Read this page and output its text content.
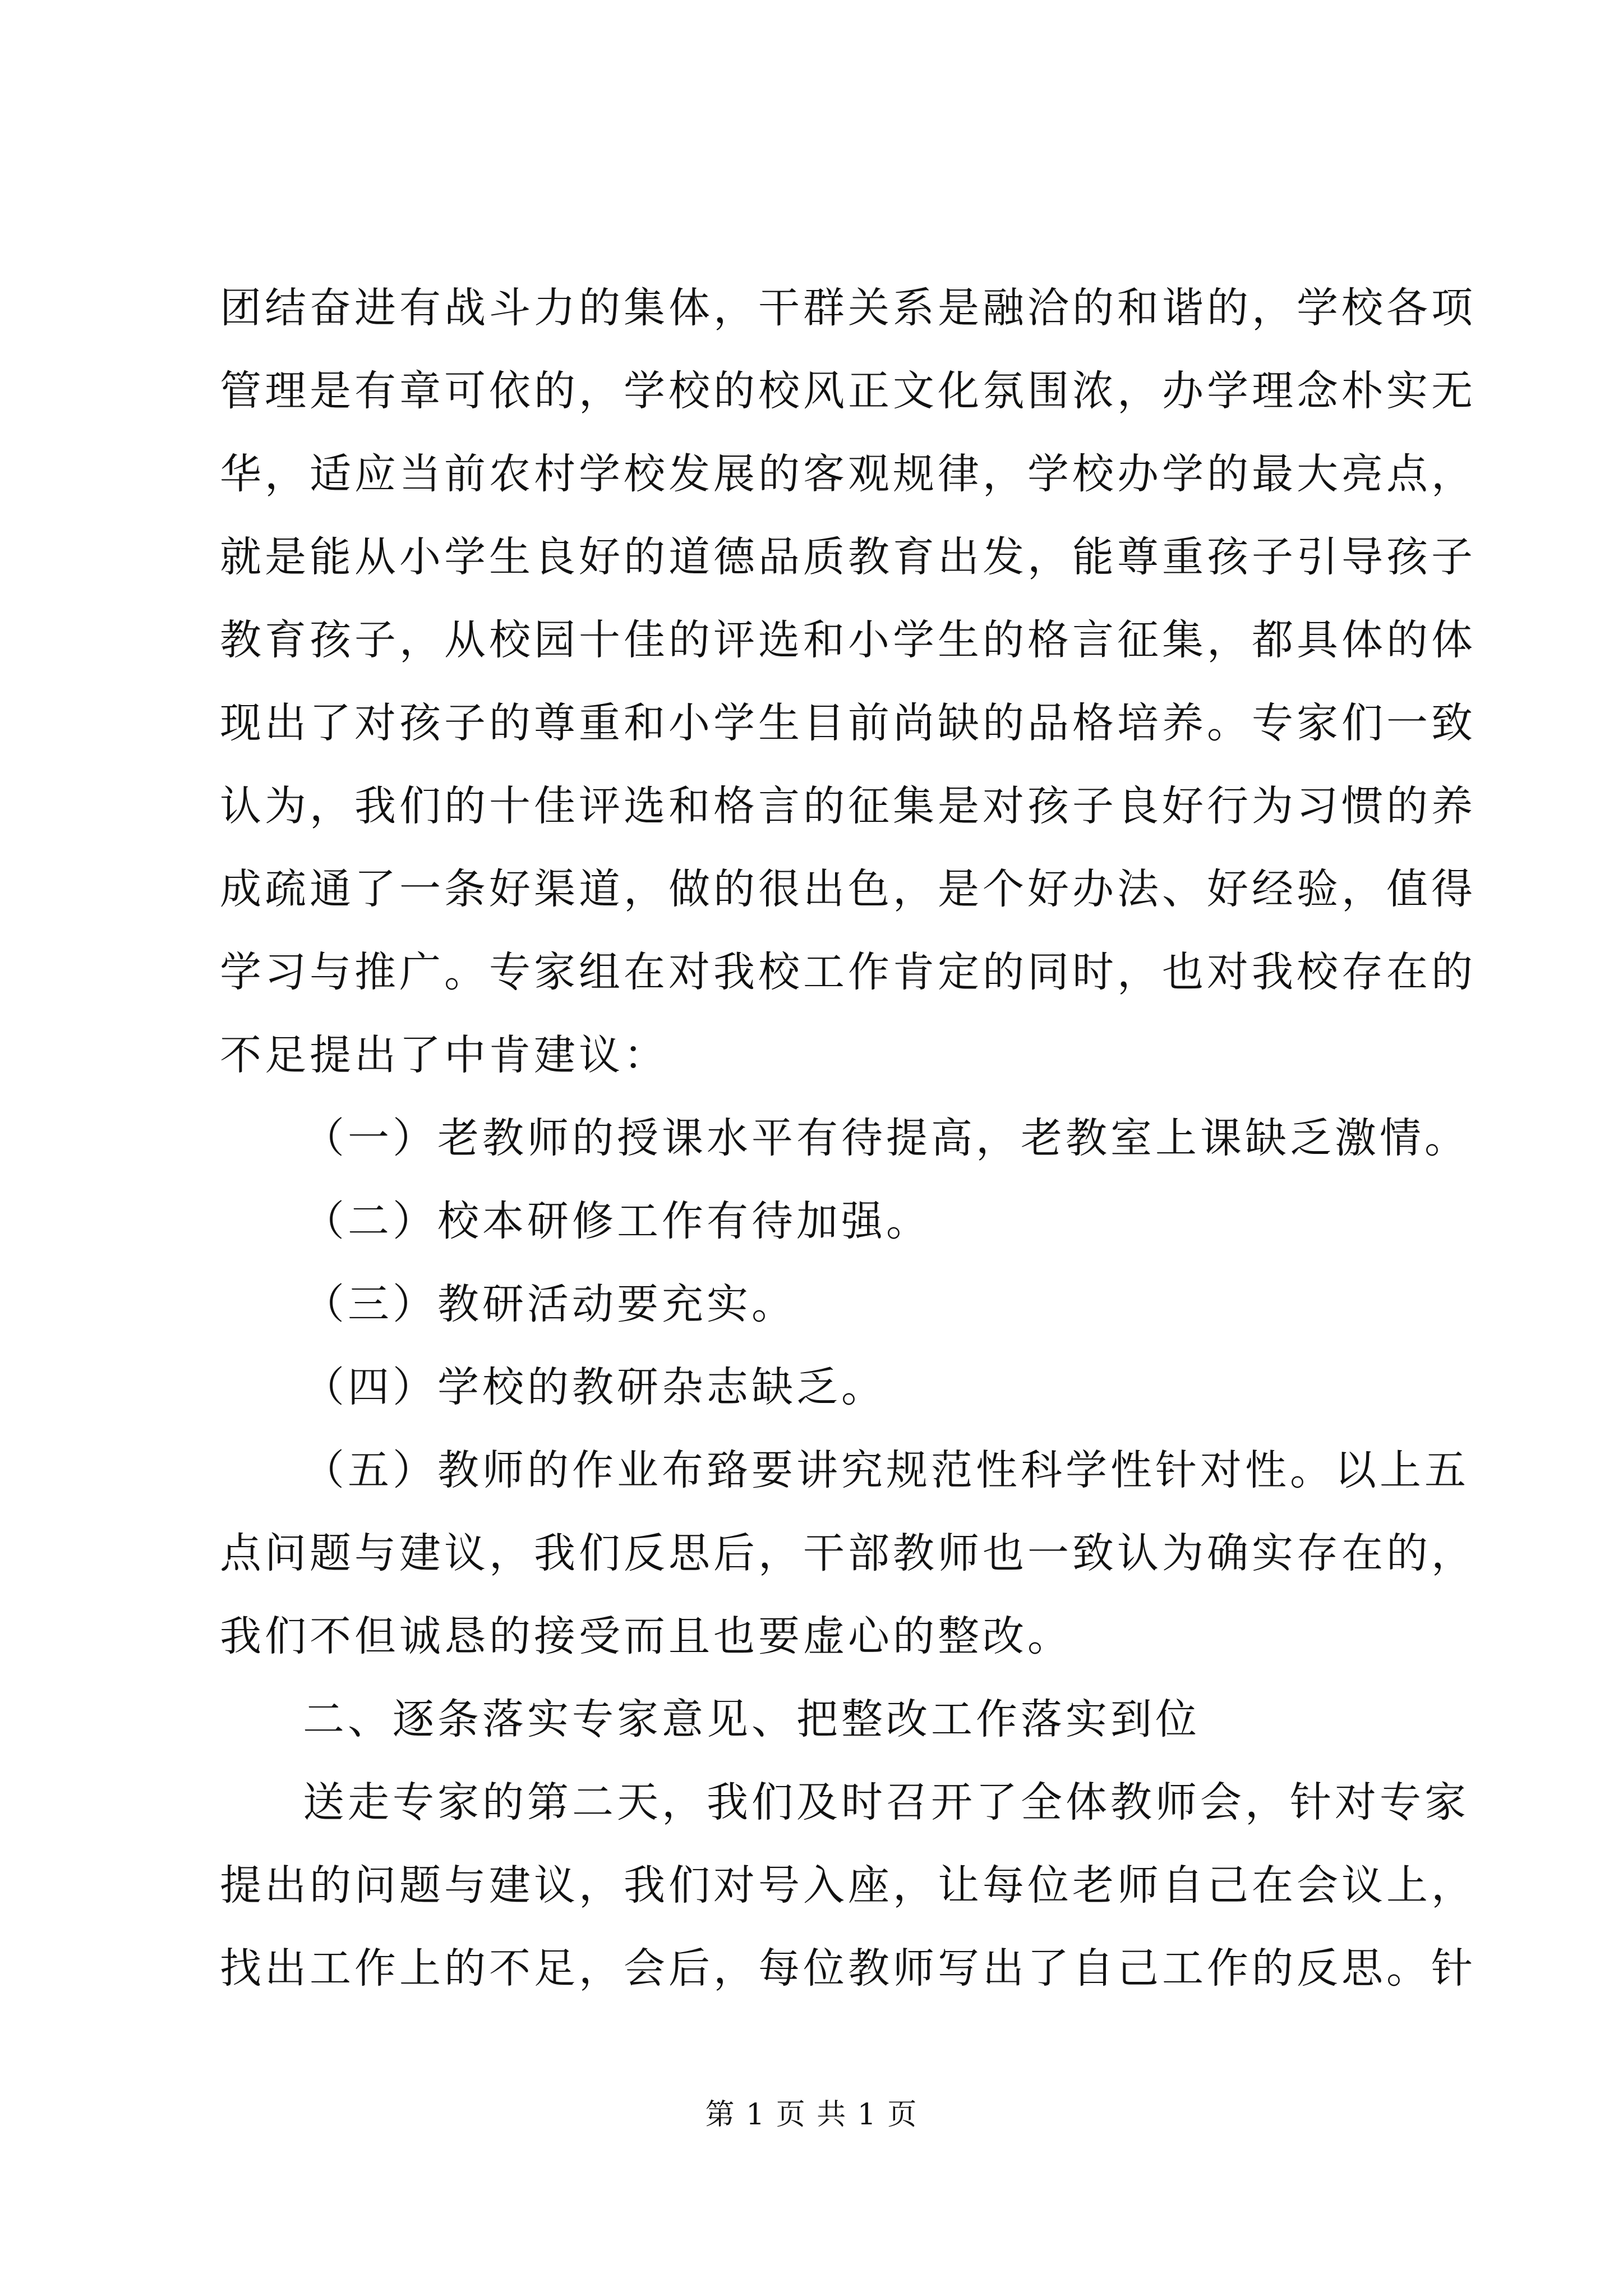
团结奋进有战斗力的集体，干群关系是融洽的和谐的，学校各项
管理是有章可依的，学校的校风正文化氛围浓，办学理念朴实无
华，适应当前农村学校发展的客观规律，学校办学的最大亮点，
就是能从小学生良好的道德品质教育出发，能尊重孩子引导孩子
教育孩子，从校园十佳的评选和小学生的格言征集，都具体的体
现出了对孩子的尊重和小学生目前尚缺的品格培养。专家们一致
认为，我们的十佳评选和格言的征集是对孩子良好行为习惯的养
成疏通了一条好渠道，做的很出色，是个好办法、好经验，值得
学习与推广。专家组在对我校工作肯定的同时，也对我校存在的
不足提出了中肯建议：
（一）老教师的授课水平有待提高，老教室上课缺乏激情。
（二）校本研修工作有待加强。
（三）教研活动要充实。
（四）学校的教研杂志缺乏。
（五）教师的作业布臵要讲究规范性科学性针对性。以上五
点问题与建议，我们反思后，干部教师也一致认为确实存在的，
我们不但诚恳的接受而且也要虚心的整改。
二、逐条落实专家意见、把整改工作落实到位
送走专家的第二天，我们及时召开了全体教师会，针对专家
提出的问题与建议，我们对号入座，让每位老师自己在会议上，
找出工作上的不足，会后，每位教师写出了自己工作的反思。针
第 1 页 共 1 页
